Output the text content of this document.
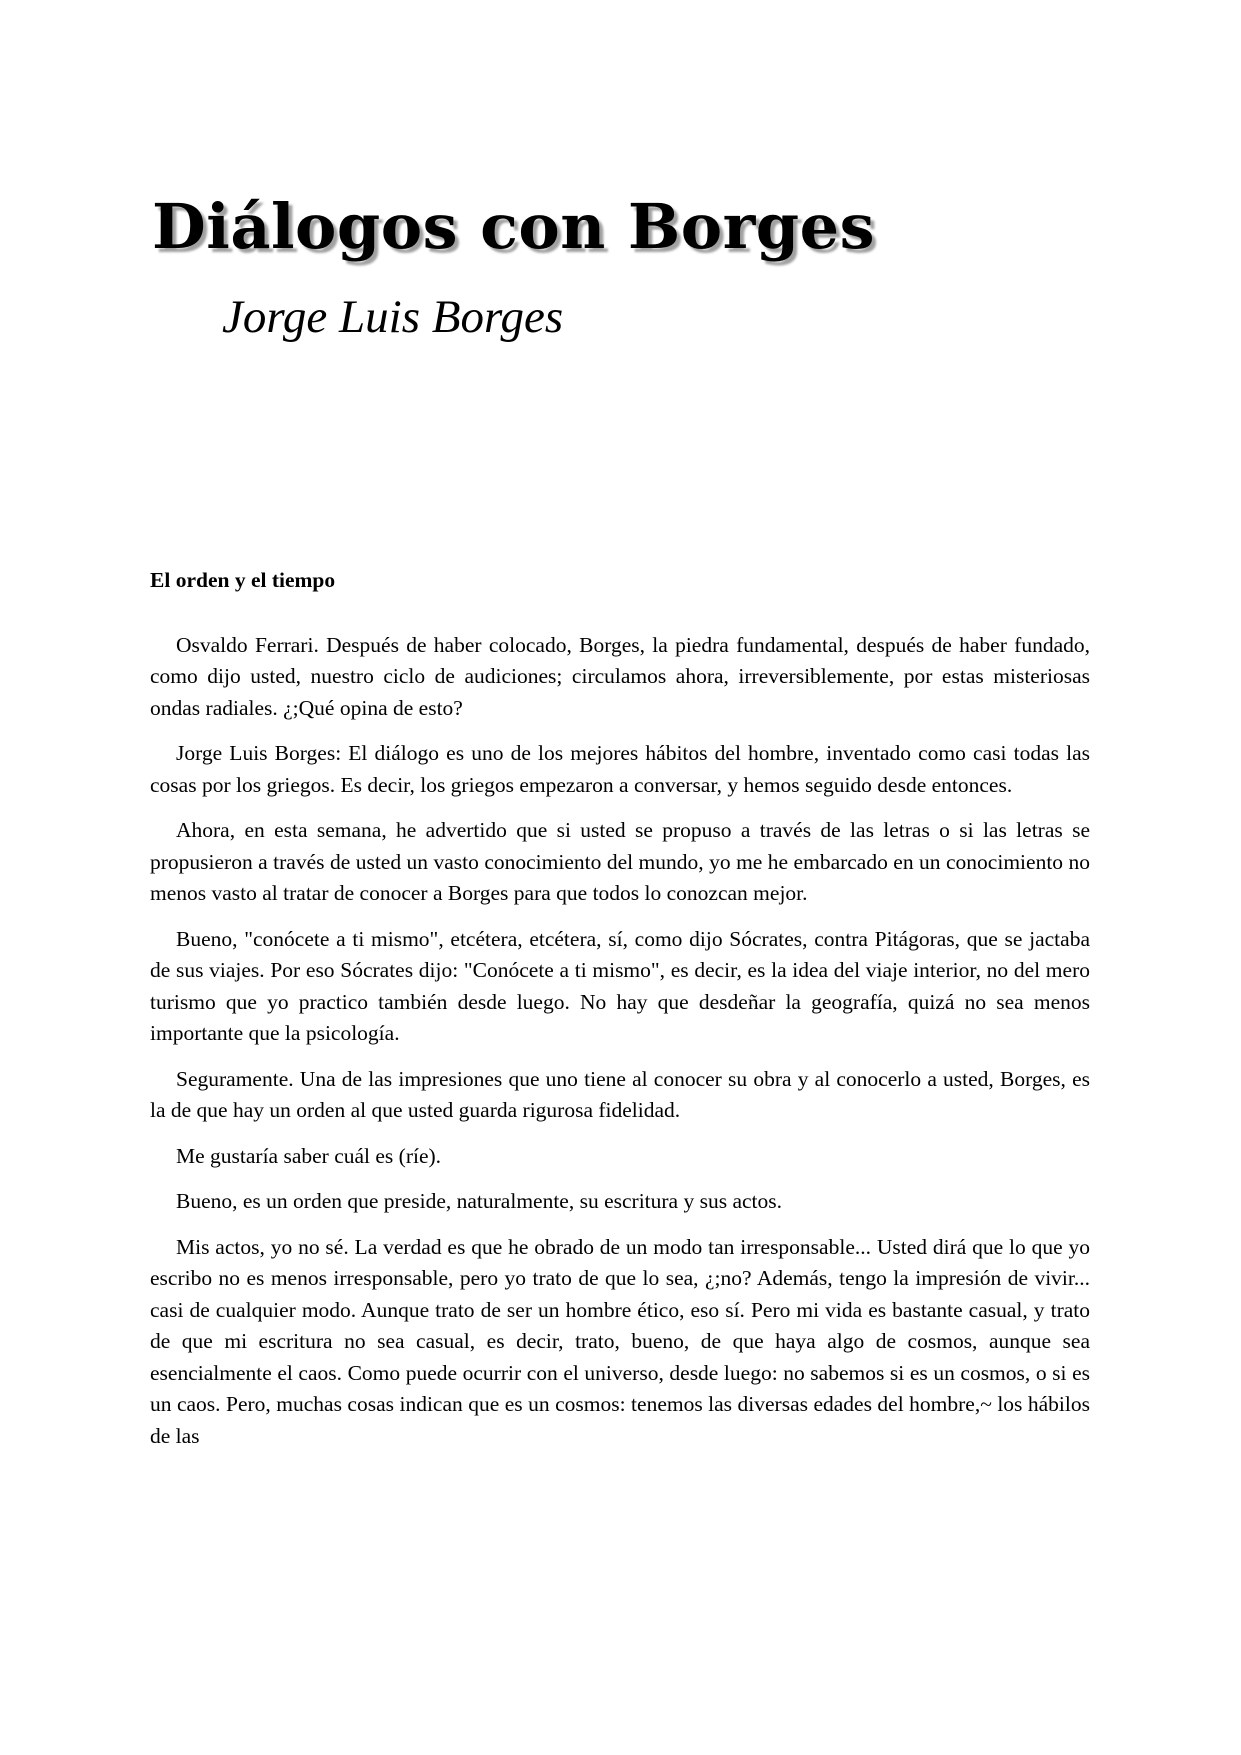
Diálogos con Borges
Jorge Luis Borges
El orden y el tiempo

Osvaldo Ferrari. Después de haber colocado, Borges, la piedra fundamental, después de haber fundado, como dijo usted, nuestro ciclo de audiciones; circulamos ahora, irreversiblemente, por estas misteriosas ondas radiales. ¿;Qué opina de esto?

Jorge Luis Borges: El diálogo es uno de los mejores hábitos del hombre, inventado como casi todas las cosas por los griegos. Es decir, los griegos empezaron a conversar, y hemos seguido desde entonces.

Ahora, en esta semana, he advertido que si usted se propuso a través de las letras o si las letras se propusieron a través de usted un vasto conocimiento del mundo, yo me he embarcado en un conocimiento no menos vasto al tratar de conocer a Borges para que todos lo conozcan mejor.

Bueno, "conócete a ti mismo", etcétera, etcétera, sí, como dijo Sócrates, contra Pitágoras, que se jactaba de sus viajes. Por eso Sócrates dijo: "Conócete a ti mismo", es decir, es la idea del viaje interior, no del mero turismo que yo practico también desde luego. No hay que desdeñar la geografía, quizá no sea menos importante que la psicología.

Seguramente. Una de las impresiones que uno tiene al conocer su obra y al conocerlo a usted, Borges, es la de que hay un orden al que usted guarda rigurosa fidelidad.

Me gustaría saber cuál es (ríe).

Bueno, es un orden que preside, naturalmente, su escritura y sus actos.

Mis actos, yo no sé. La verdad es que he obrado de un modo tan irresponsable... Usted dirá que lo que yo escribo no es menos irresponsable, pero yo trato de que lo sea, ¿;no? Además, tengo la impresión de vivir... casi de cualquier modo. Aunque trato de ser un hombre ético, eso sí. Pero mi vida es bastante casual, y trato de que mi escritura no sea casual, es decir, trato, bueno, de que haya algo de cosmos, aunque sea esencialmente el caos. Como puede ocurrir con el universo, desde luego: no sabemos si es un cosmos, o si es un caos. Pero, muchas cosas indican que es un cosmos: tenemos las diversas edades del hombre,~ los hábilos de las
